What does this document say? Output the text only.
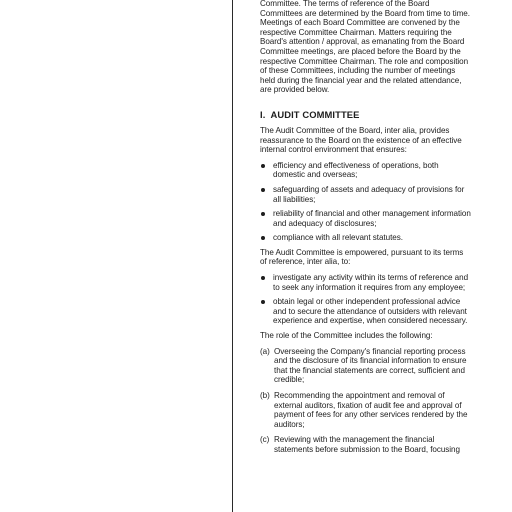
Committee. The terms of reference of the Board Committees are determined by the Board from time to time. Meetings of each Board Committee are convened by the respective Committee Chairman. Matters requiring the Board's attention / approval, as emanating from the Board Committee meetings, are placed before the Board by the respective Committee Chairman. The role and composition of these Committees, including the number of meetings held during the financial year and the related attendance, are provided below.

I. AUDIT COMMITTEE

The Audit Committee of the Board, inter alia, provides reassurance to the Board on the existence of an effective internal control environment that ensures:

efficiency and effectiveness of operations, both domestic and overseas;
safeguarding of assets and adequacy of provisions for all liabilities;
reliability of financial and other management information and adequacy of disclosures;
compliance with all relevant statutes.

The Audit Committee is empowered, pursuant to its terms of reference, inter alia, to:

investigate any activity within its terms of reference and to seek any information it requires from any employee;
obtain legal or other independent professional advice and to secure the attendance of outsiders with relevant experience and expertise, when considered necessary.

The role of the Committee includes the following:

(a) Overseeing the Company's financial reporting process and the disclosure of its financial information to ensure that the financial statements are correct, sufficient and credible;
(b) Recommending the appointment and removal of external auditors, fixation of audit fee and approval of payment of fees for any other services rendered by the auditors;
(c) Reviewing with the management the financial statements before submission to the Board, focusing
